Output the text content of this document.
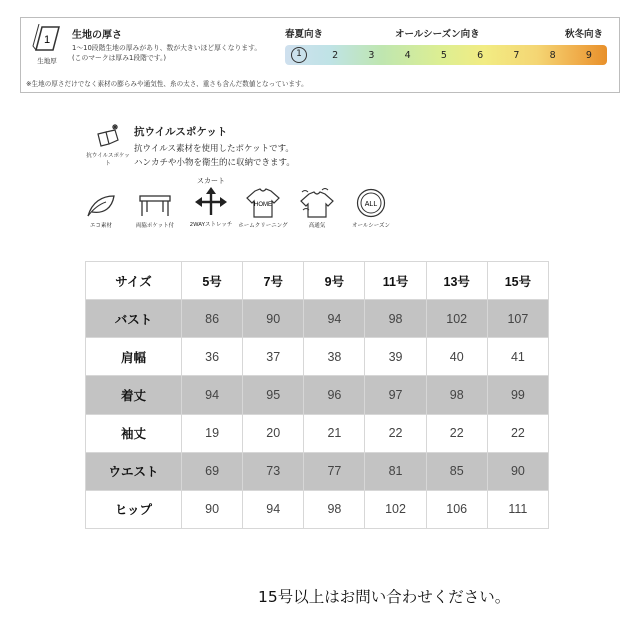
1
生地厚
生地の厚さ
1～10段階生地の厚みがあり、数が大きいほど厚くなります。
(このマークは厚み1段階です。)
春夏向き	オールシーズン向き	秋冬向き
1	2	3	4	5	6	7	8	9
※生地の厚さだけでなく素材の膨らみや通気性、糸の太さ、重さも含んだ数値となっています。
抗ウイルスポケット
抗ウイルスポケット
抗ウイルス素材を使用したポケットです。
ハンカチや小物を衛生的に収納できます。
エコ素材	両脇ポケット付
スカート
2WAYストレッチ
HOME
ホームクリーニング	高通気
ALL
オールシーズン
サイズ	5号	7号	9号	11号	13号	15号
バスト	86	90	94	98	102	107
肩幅	36	37	38	39	40	41
着丈	94	95	96	97	98	99
袖丈	19	20	21	22	22	22
ウエスト	69	73	77	81	85	90
ヒップ	90	94	98	102	106	111
15号以上はお問い合わせください。
